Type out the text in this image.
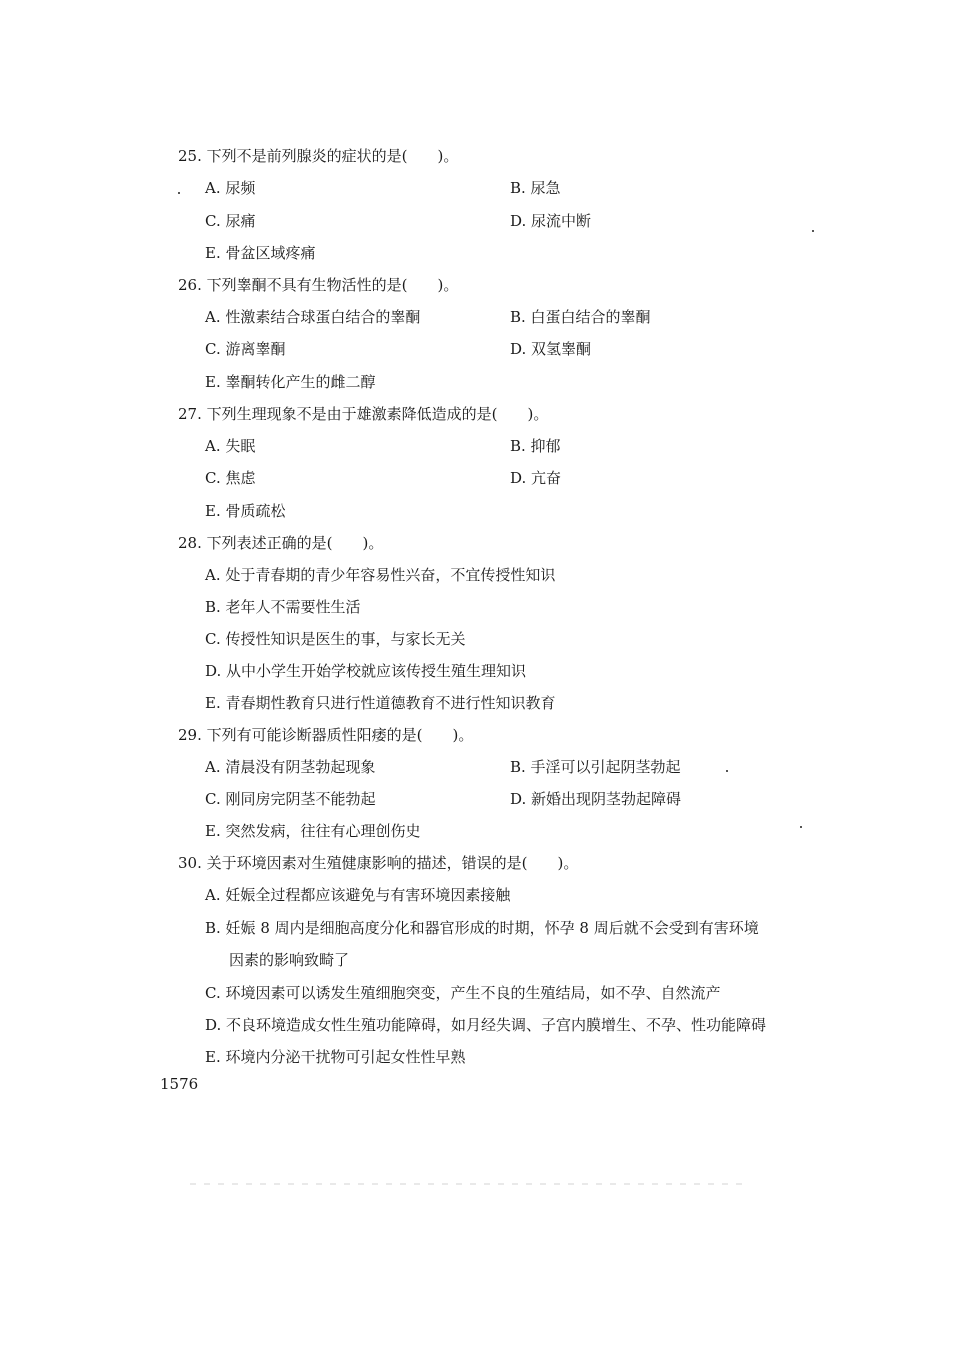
25. 下列不是前列腺炎的症状的是(　　)。
A. 尿频	B. 尿急
C. 尿痛	D. 尿流中断
E. 骨盆区域疼痛
26. 下列睾酮不具有生物活性的是(　　)。
A. 性激素结合球蛋白结合的睾酮	B. 白蛋白结合的睾酮
C. 游离睾酮	D. 双氢睾酮
E. 睾酮转化产生的雌二醇
27. 下列生理现象不是由于雄激素降低造成的是(　　)。
A. 失眠	B. 抑郁
C. 焦虑	D. 亢奋
E. 骨质疏松
28. 下列表述正确的是(　　)。
A. 处于青春期的青少年容易性兴奋，不宜传授性知识
B. 老年人不需要性生活
C. 传授性知识是医生的事，与家长无关
D. 从中小学生开始学校就应该传授生殖生理知识
E. 青春期性教育只进行性道德教育不进行性知识教育
29. 下列有可能诊断器质性阳痿的是(　　)。
A. 清晨没有阴茎勃起现象	B. 手淫可以引起阴茎勃起
C. 刚同房完阴茎不能勃起	D. 新婚出现阴茎勃起障碍
E. 突然发病，往往有心理创伤史
30. 关于环境因素对生殖健康影响的描述，错误的是(　　)。
A. 妊娠全过程都应该避免与有害环境因素接触
B. 妊娠 8 周内是细胞高度分化和器官形成的时期，怀孕 8 周后就不会受到有害环境
因素的影响致畸了
C. 环境因素可以诱发生殖细胞突变，产生不良的生殖结局，如不孕、自然流产
D. 不良环境造成女性生殖功能障碍，如月经失调、子宫内膜增生、不孕、性功能障碍
E. 环境内分泌干扰物可引起女性性早熟
1576
